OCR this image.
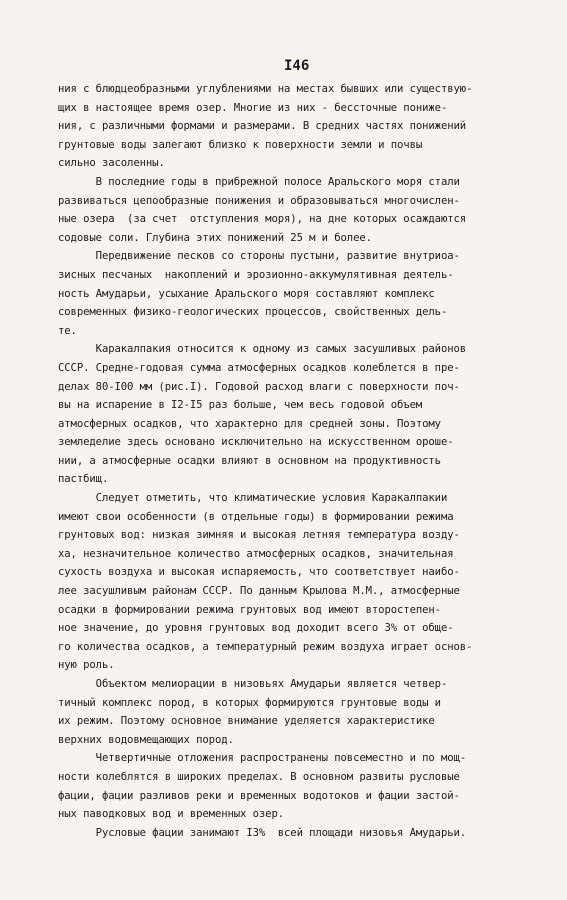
I46
ния с блюдцеобразными углублениями на местах бывших или существую-
щих в настоящее время озер. Многие из них - бессточные пониже-
ния, с различными формами и размерами. В средних частях понижений
грунтовые воды залегают близко к поверхности земли и почвы
сильно засоленны.
В последние годы в прибрежной полосе Аральского моря стали
развиваться цепообразные понижения и образовываться многочислен-
ные озера  (за счет  отступления моря), на дне которых осаждаются
содовые соли. Глубина этих понижений 25 м и более.
Передвижение песков со стороны пустыни, развитие внутриоа-
зисных песчаных  накоплений и эрозионно-аккумулятивная деятель-
ность Амударьи, усыхание Аральского моря составляют комплекс
современных физико-геологических процессов, свойственных дель-
те.
Каракалпакия относится к одному из самых засушливых районов
СССР. Средне-годовая сумма атмосферных осадков колеблется в пре-
делах 80-I00 мм (рис.I). Годовой расход влаги с поверхности поч-
вы на испарение в I2-I5 раз больше, чем весь годовой объем
атмосферных осадков, что характерно для средней зоны. Поэтому
земледелие здесь основано исключительно на искусственном ороше-
нии, а атмосферные осадки влияют в основном на продуктивность
пастбищ.
Следует отметить, что климатические условия Каракалпакии
имеют свои особенности (в отдельные годы) в формировании режима
грунтовых вод: низкая зимняя и высокая летняя температура возду-
ха, незначительное количество атмосферных осадков, значительная
сухость воздуха и высокая испаряемость, что соответствует наибо-
лее засушливым районам СССР. По данным Крылова М.М., атмосферные
осадки в формировании режима грунтовых вод имеют второстепен-
ное значение, до уровня грунтовых вод доходит всего 3% от обще-
го количества осадков, а температурный режим воздуха играет основ-
ную роль.
Объектом мелиорации в низовьях Амударьи является четвер-
тичный комплекс пород, в которых формируются грунтовые воды и
их режим. Поэтому основное внимание уделяется характеристике
верхних водовмещающих пород.
Четвертичные отложения распространены повсеместно и по мощ-
ности колеблятся в широких пределах. В основном развиты русловые
фации, фации разливов реки и временных водотоков и фации застой-
ных паводковых вод и временных озер.
Русловые фации занимают I3%  всей площади низовья Амударьи.
